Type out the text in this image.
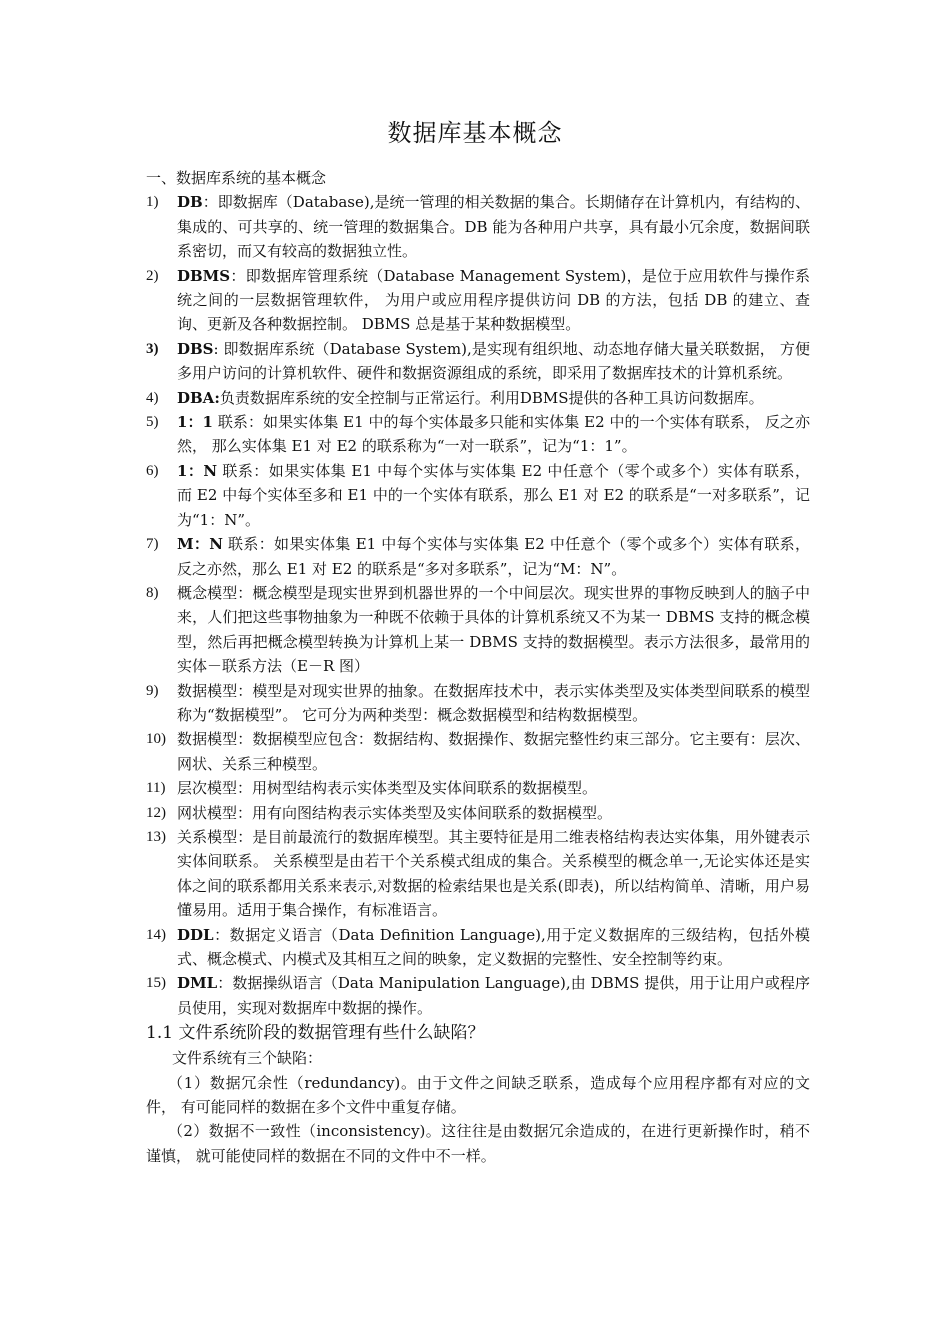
数据库基本概念

一、数据库系统的基本概念

1) DB：即数据库（Database),是统一管理的相关数据的集合。长期储存在计算机内，有结构的、集成的、可共享的、统一管理的数据集合。DB 能为各种用户共享，具有最小冗余度，数据间联系密切，而又有较高的数据独立性。

2) DBMS：即数据库管理系统（Database Management System)，是位于应用软件与操作系统之间的一层数据管理软件， 为用户或应用程序提供访问 DB 的方法，包括 DB 的建立、查询、更新及各种数据控制。 DBMS 总是基于某种数据模型。

3) DBS: 即数据库系统（Database System),是实现有组织地、动态地存储大量关联数据， 方便多用户访问的计算机软件、硬件和数据资源组成的系统，即采用了数据库技术的计算机系统。

4) DBA:负责数据库系统的安全控制与正常运行。利用DBMS提供的各种工具访问数据库。

5) 1：1 联系：如果实体集 E1 中的每个实体最多只能和实体集 E2 中的一个实体有联系， 反之亦然， 那么实体集 E1 对 E2 的联系称为“一对一联系”，记为“1：1”。

6) 1：N 联系：如果实体集 E1 中每个实体与实体集 E2 中任意个（零个或多个）实体有联系， 而 E2 中每个实体至多和 E1 中的一个实体有联系，那么 E1 对 E2 的联系是“一对多联系”，记为“1：N”。

7) M：N 联系：如果实体集 E1 中每个实体与实体集 E2 中任意个（零个或多个）实体有联系， 反之亦然，那么 E1 对 E2 的联系是“多对多联系”，记为“M：N”。

8) 概念模型：概念模型是现实世界到机器世界的一个中间层次。现实世界的事物反映到人的脑子中来，人们把这些事物抽象为一种既不依赖于具体的计算机系统又不为某一 DBMS 支持的概念模型，然后再把概念模型转换为计算机上某一 DBMS 支持的数据模型。表示方法很多，最常用的实体－联系方法（E－R 图）

9) 数据模型：模型是对现实世界的抽象。在数据库技术中，表示实体类型及实体类型间联系的模型称为“数据模型”。 它可分为两种类型：概念数据模型和结构数据模型。

10) 数据模型：数据模型应包含：数据结构、数据操作、数据完整性约束三部分。它主要有：层次、网状、关系三种模型。

11) 层次模型：用树型结构表示实体类型及实体间联系的数据模型。

12) 网状模型：用有向图结构表示实体类型及实体间联系的数据模型。

13) 关系模型：是目前最流行的数据库模型。其主要特征是用二维表格结构表达实体集，用外键表示实体间联系。 关系模型是由若干个关系模式组成的集合。关系模型的概念单一,无论实体还是实体之间的联系都用关系来表示,对数据的检索结果也是关系(即表)，所以结构简单、清晰，用户易懂易用。适用于集合操作，有标准语言。

14) DDL：数据定义语言（Data Definition Language),用于定义数据库的三级结构，包括外模式、概念模式、内模式及其相互之间的映象，定义数据的完整性、安全控制等约束。

15) DML：数据操纵语言（Data Manipulation Language),由 DBMS 提供，用于让用户或程序员使用，实现对数据库中数据的操作。

1.1 文件系统阶段的数据管理有些什么缺陷？

文件系统有三个缺陷：

（1）数据冗余性（redundancy)。由于文件之间缺乏联系，造成每个应用程序都有对应的文件， 有可能同样的数据在多个文件中重复存储。

（2）数据不一致性（inconsistency)。这往往是由数据冗余造成的，在进行更新操作时，稍不谨慎， 就可能使同样的数据在不同的文件中不一样。
